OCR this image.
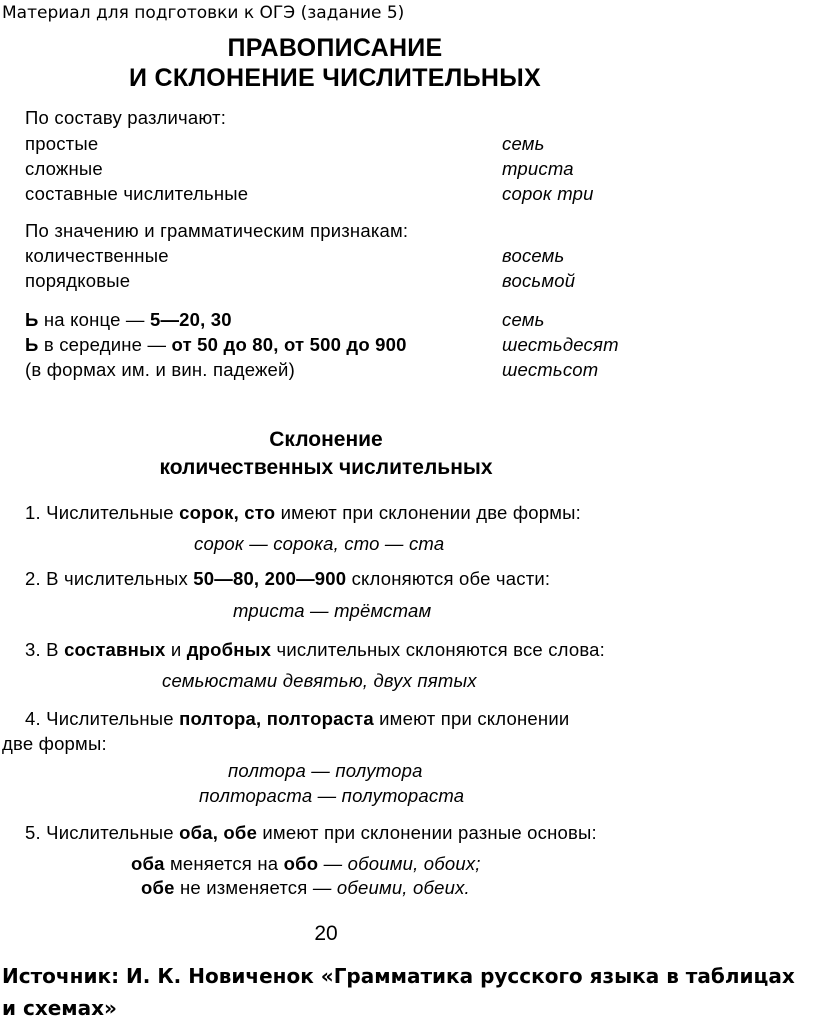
Материал для подготовки к ОГЭ (задание 5)
ПРАВОПИСАНИЕ
И СКЛОНЕНИЕ ЧИСЛИТЕЛЬНЫХ
По составу различают:
простые	семь
сложные	триста
составные числительные	сорок три
По значению и грамматическим признакам:
количественные	восемь
порядковые	восьмой
Ь на конце — 5—20, 30	семь
Ь в середине — от 50 до 80, от 500 до 900	шестьдесят
(в формах им. и вин. падежей)	шестьсот
Склонение
количественных числительных
1. Числительные сорок, сто имеют при склонении две формы:
сорок — сорока, сто — ста
2. В числительных 50—80, 200—900 склоняются обе части:
триста — трёмстам
3. В составных и дробных числительных склоняются все слова:
семьюстами девятью, двух пятых
4. Числительные полтора, полтораста имеют при склонении
две формы:
полтора — полутора
полтораста — полутораста
5. Числительные оба, обе имеют при склонении разные основы:
оба меняется на обо — обоими, обоих;
обе не изменяется — обеими, обеих.
20
Источник: И. К. Новиченок «Грамматика русского языка в таблицах и схемах»
